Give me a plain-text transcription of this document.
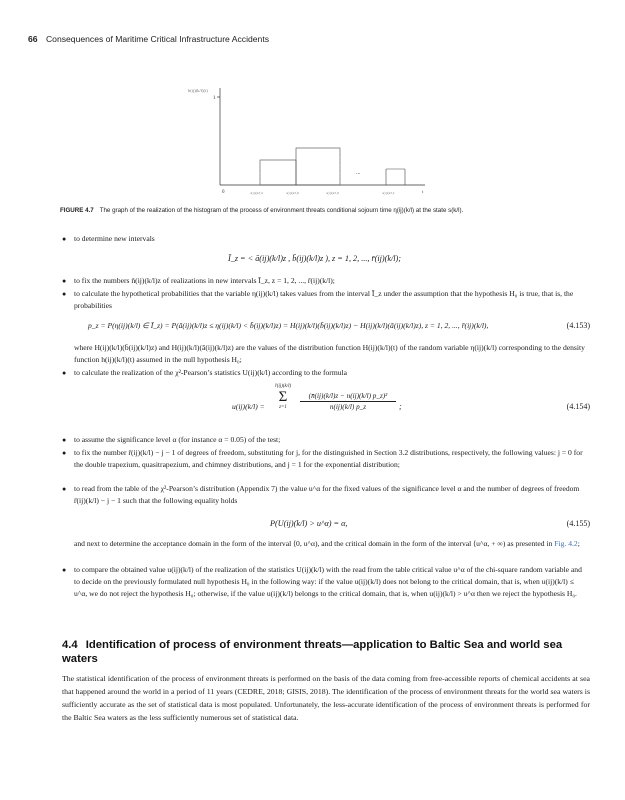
66 Consequences of Maritime Critical Infrastructure Accidents
h(ij)(k/l)(t)
1
0
...
a(ij)(k/l)1	a(ij)(k/l)2	a(ij)(k/l)3	a(ij)(k/l)r	t
FIGURE 4.7 The graph of the realization of the histogram of the process of environment threats conditional sojourn time η(ij)(k/l) at the state s(k/l).
● to determine new intervals
Ī_z = < ā(ij)(k/l)z , b̄(ij)(k/l)z ), z = 1, 2, ..., r̄(ij)(k/l);
● to fix the numbers n̄(ij)(k/l)z of realizations in new intervals Ī_z, z = 1, 2, ..., r̄(ij)(k/l);
● to calculate the hypothetical probabilities that the variable η(ij)(k/l) takes values from the interval Ī_z under the assumption that the hypothesis H₀ is true, that is, the probabilities
p_z = P(η(ij)(k/l) ∈ Ī_z) = P(ā(ij)(k/l)z ≤ η(ij)(k/l) < b̄(ij)(k/l)z) = H(ij)(k/l)(b̄(ij)(k/l)z) − H(ij)(k/l)(ā(ij)(k/l)z), z = 1, 2, ..., r̄(ij)(k/l),	(4.153)
where H(ij)(k/l)(b̄(ij)(k/l)z) and H(ij)(k/l)(ā(ij)(k/l)z) are the values of the distribution function H(ij)(k/l)(t) of the random variable η(ij)(k/l) corresponding to the density function h(ij)(k/l)(t) assumed in the null hypothesis H₀;
● to calculate the realization of the χ²-Pearson’s statistics U(ij)(k/l) according to the formula
u(ij)(k/l) =
r̄(ij)(k/l)
Σ
z=1
(n̄(ij)(k/l)z − n(ij)(k/l) p_z)²
n(ij)(k/l) p_z	;	(4.154)
● to assume the significance level α (for instance α = 0.05) of the test;
● to fix the number r̄(ij)(k/l) − j − 1 of degrees of freedom, substituting for j, for the distinguished in Section 3.2 distributions, respectively, the following values: j = 0 for the double trapezium, quasitrapezium, and chimney distributions, and j = 1 for the exponential distribution;
● to read from the table of the χ²-Pearson’s distribution (Appendix 7) the value u^α for the fixed values of the significance level α and the number of degrees of freedom r̄(ij)(k/l) − j − 1 such that the following equality holds
P(U(ij)(k/l) > u^α) = α,	(4.155)
and next to determine the acceptance domain in the form of the interval ⟨0, u^α), and the critical domain in the form of the interval ⟨u^α, + ∞) as presented in Fig. 4.2;
● to compare the obtained value u(ij)(k/l) of the realization of the statistics U(ij)(k/l) with the read from the table critical value u^α of the chi-square random variable and to decide on the previously formulated null hypothesis H₀ in the following way: if the value u(ij)(k/l) does not belong to the critical domain, that is, when u(ij)(k/l) ≤ u^α, we do not reject the hypothesis H₀; otherwise, if the value u(ij)(k/l) belongs to the critical domain, that is, when u(ij)(k/l) > u^α then we reject the hypothesis H₀.
4.4 Identification of process of environment threats—application to Baltic Sea and world sea waters
The statistical identification of the process of environment threats is performed on the basis of the data coming from free-accessible reports of chemical accidents at sea that happened around the world in a period of 11 years (CEDRE, 2018; GISIS, 2018). The identification of the process of environment threats for the world sea waters is sufficiently accurate as the set of statistical data is most populated. Unfortunately, the less-accurate identification of the process of environment threats is performed for the Baltic Sea waters as the less sufficiently numerous set of statistical data.
